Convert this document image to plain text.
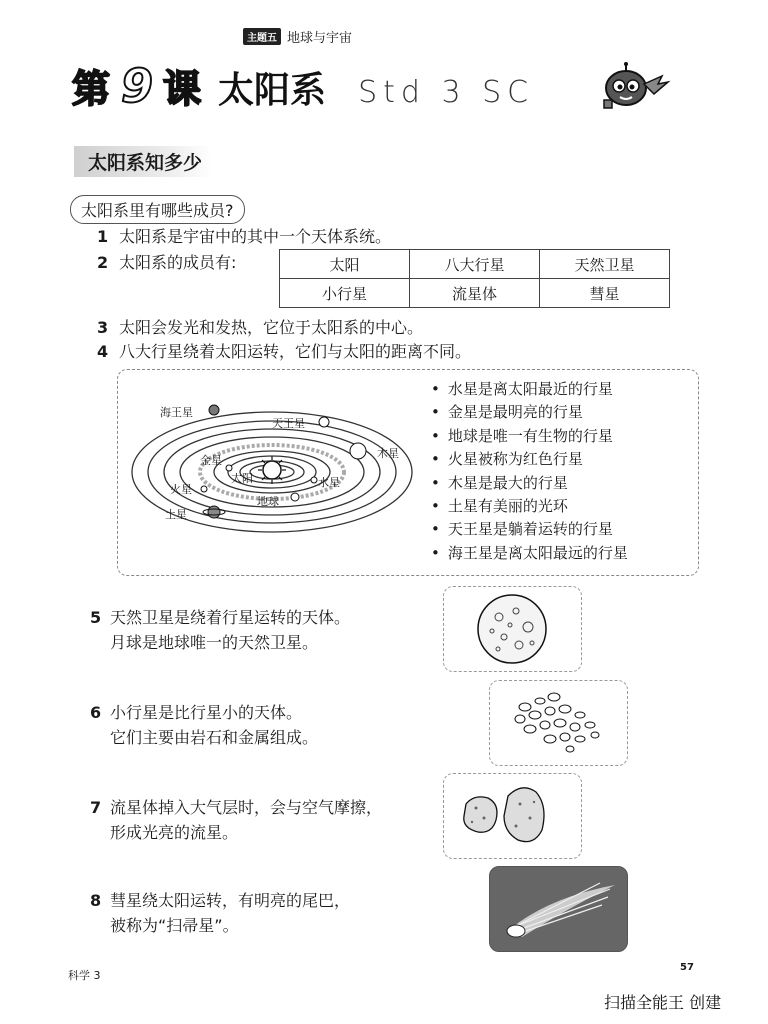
主题五 地球与宇宙
第 9 课 太阳系 Std 3 SC
太阳系知多少
太阳系里有哪些成员?
1 太阳系是宇宙中的其中一个天体系统。
2 太阳系的成员有:	太阳	八大行星	天然卫星
小行星	流星体	彗星
3 太阳会发光和发热，它位于太阳系的中心。
4 八大行星绕着太阳运转，它们与太阳的距离不同。
海王星
天王星
木星
金星
太阳	水星
火星
地球
土星
• 水星是离太阳最近的行星
• 金星是最明亮的行星
• 地球是唯一有生物的行星
• 火星被称为红色行星
• 木星是最大的行星
• 土星有美丽的光环
• 天王星是躺着运转的行星
• 海王星是离太阳最远的行星
5 天然卫星是绕着行星运转的天体。
月球是地球唯一的天然卫星。
6 小行星是比行星小的天体。
它们主要由岩石和金属组成。
7 流星体掉入大气层时，会与空气摩擦，
形成光亮的流星。
8 彗星绕太阳运转，有明亮的尾巴，
被称为“扫帚星”。
科学 3
57
扫描全能王 创建
